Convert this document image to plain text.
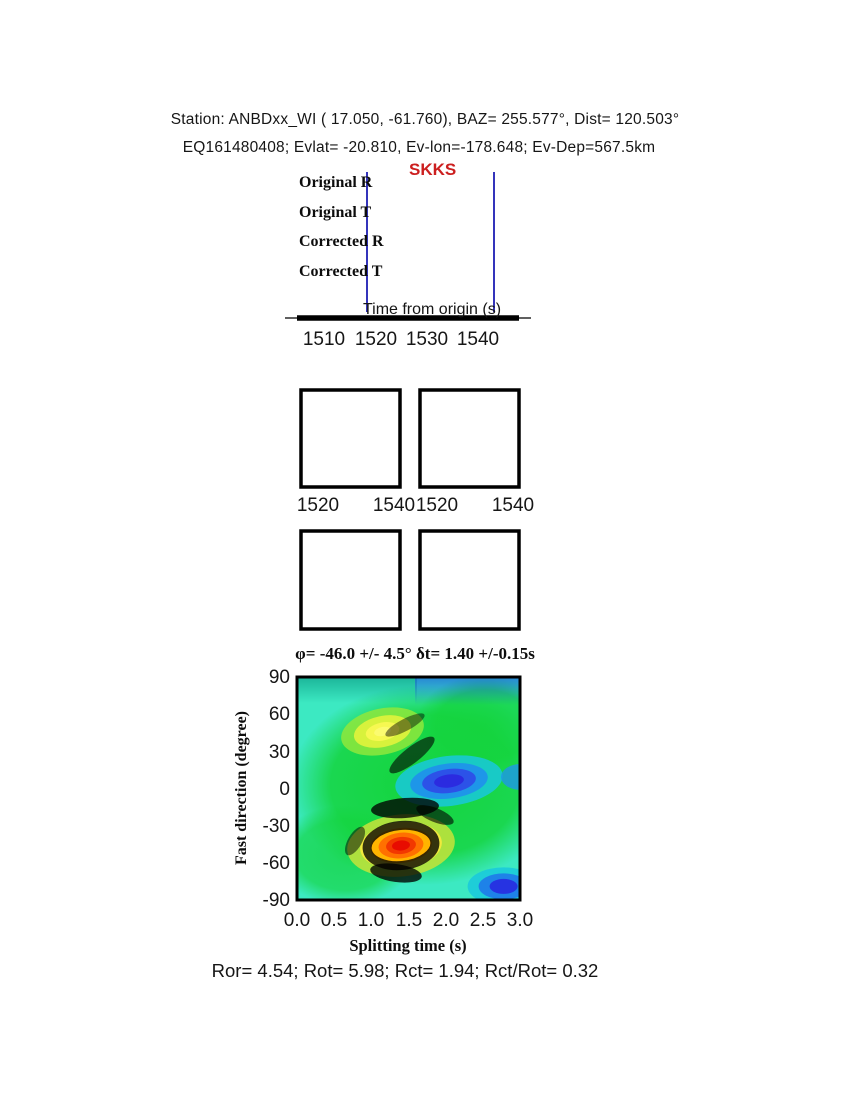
Station: ANBDxx_WI ( 17.050, -61.760), BAZ= 255.577°, Dist= 120.503°
EQ161480408; Evlat= -20.810, Ev-lon=-178.648; Ev-Dep=567.5km
SKKS
Original R
Original T
Corrected R
Corrected T
Time from origin (s)
1510 1520 1530 1540
1520 1540 1520 1540
φ= -46.0 +/- 4.5° δt= 1.40 +/-0.15s
Fast direction (degree)
90
60
30
0
-30
-60
-90
0.0 0.5 1.0 1.5 2.0 2.5 3.0
Splitting time (s)
Ror= 4.54; Rot= 5.98; Rct= 1.94; Rct/Rot= 0.32
